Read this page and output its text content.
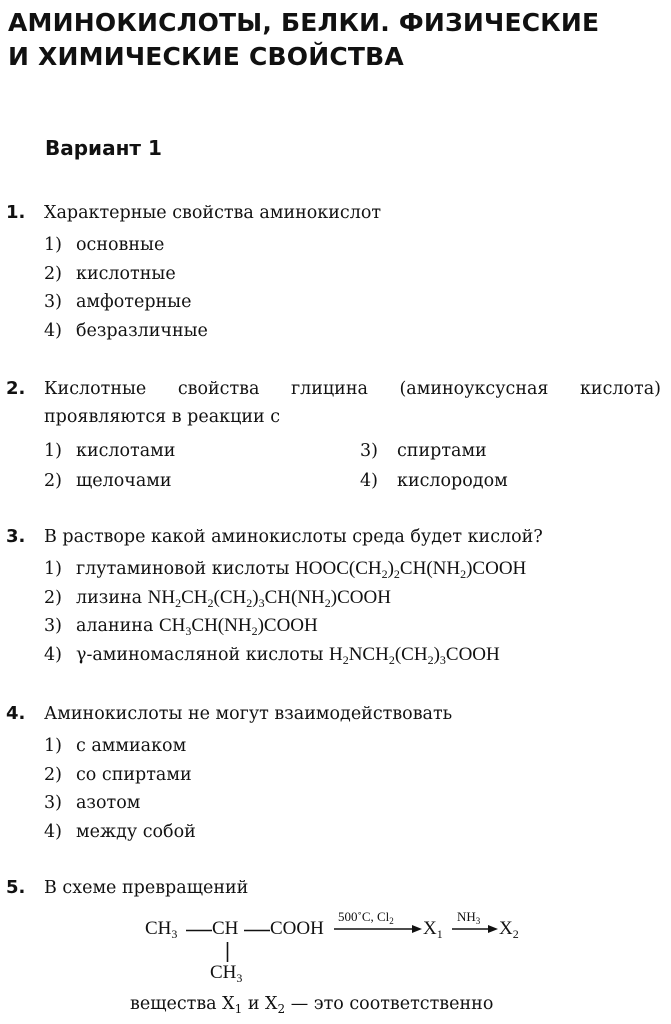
АМИНОКИСЛОТЫ, БЕЛКИ. ФИЗИЧЕСКИЕ
И ХИМИЧЕСКИЕ СВОЙСТВА
Вариант 1
1. Характерные свойства аминокислот
1) основные
2) кислотные
3) амфотерные
4) безразличные
2. Кислотные свойства глицина (аминоуксусная кислота)
проявляются в реакции с
1) кислотами	3) спиртами
2) щелочами	4) кислородом
3. В растворе какой аминокислоты среда будет кислой?
1) глутаминовой кислоты $HOOC(CH_2)_2CH(NH_2)COOH$
2) лизина $NH_2CH_2(CH_2)_3CH(NH_2)COOH$
3) аланина $CH_3CH(NH_2)COOH$
4) γ-аминомасляной кислоты $H_2NCH_2(CH_2)_3COOH$
4. Аминокислоты не могут взаимодействовать
1) с аммиаком
2) со спиртами
3) азотом
4) между собой
5. В схеме превращений
$CH_3$ CH COOH
$CH_3$
500˚C, $Cl_2$ $X_1$
$NH_3 \to X_2$
вещества $X_1$ и $X_2$ — это соответственно
